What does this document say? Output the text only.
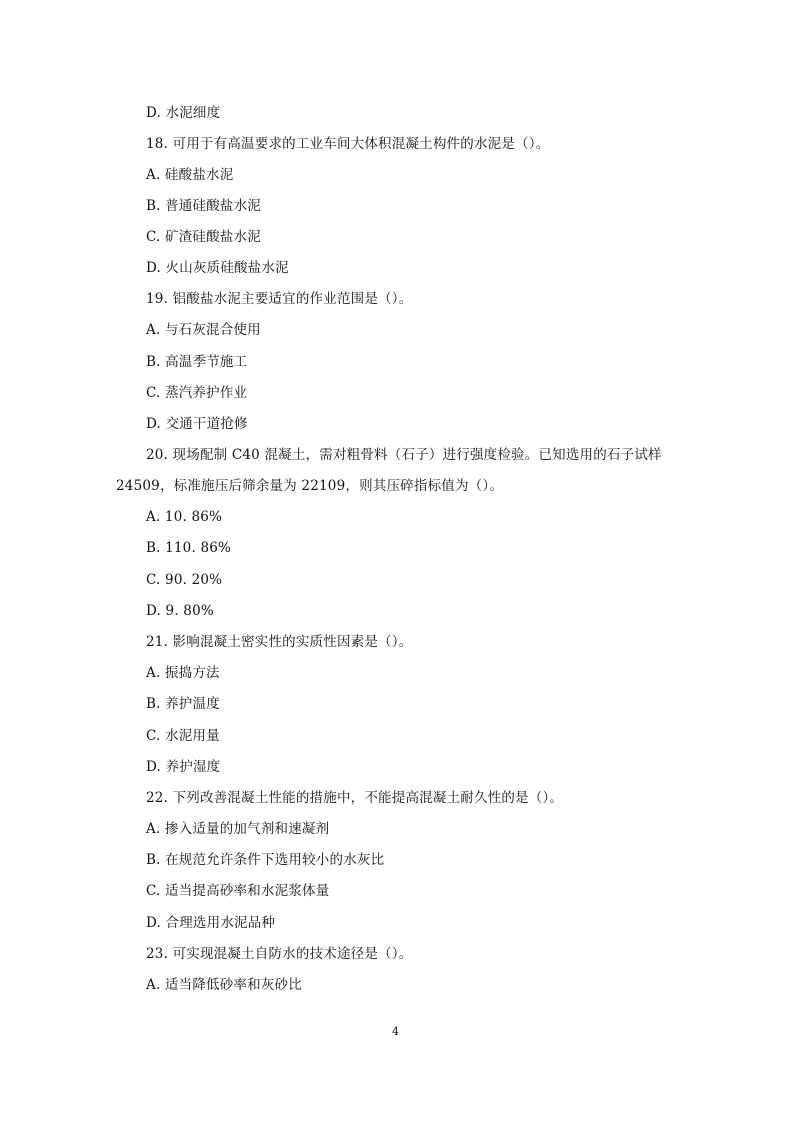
D. 水泥细度
18. 可用于有高温要求的工业车间大体积混凝土构件的水泥是（）。
A. 硅酸盐水泥
B. 普通硅酸盐水泥
C. 矿渣硅酸盐水泥
D. 火山灰质硅酸盐水泥
19. 铝酸盐水泥主要适宜的作业范围是（）。
A. 与石灰混合使用
B. 高温季节施工
C. 蒸汽养护作业
D. 交通干道抢修
20. 现场配制 C40 混凝土，需对粗骨料（石子）进行强度检验。已知选用的石子试样
24509，标准施压后筛余量为 22109，则其压碎指标值为（）。
A. 10. 86%
B. 110. 86%
C. 90. 20%
D. 9. 80%
21. 影响混凝土密实性的实质性因素是（）。
A. 振捣方法
B. 养护温度
C. 水泥用量
D. 养护湿度
22. 下列改善混凝土性能的措施中，不能提高混凝土耐久性的是（）。
A. 掺入适量的加气剂和速凝剂
B. 在规范允许条件下选用较小的水灰比
C. 适当提高砂率和水泥浆体量
D. 合理选用水泥品种
23. 可实现混凝土自防水的技术途径是（）。
A. 适当降低砂率和灰砂比
4
